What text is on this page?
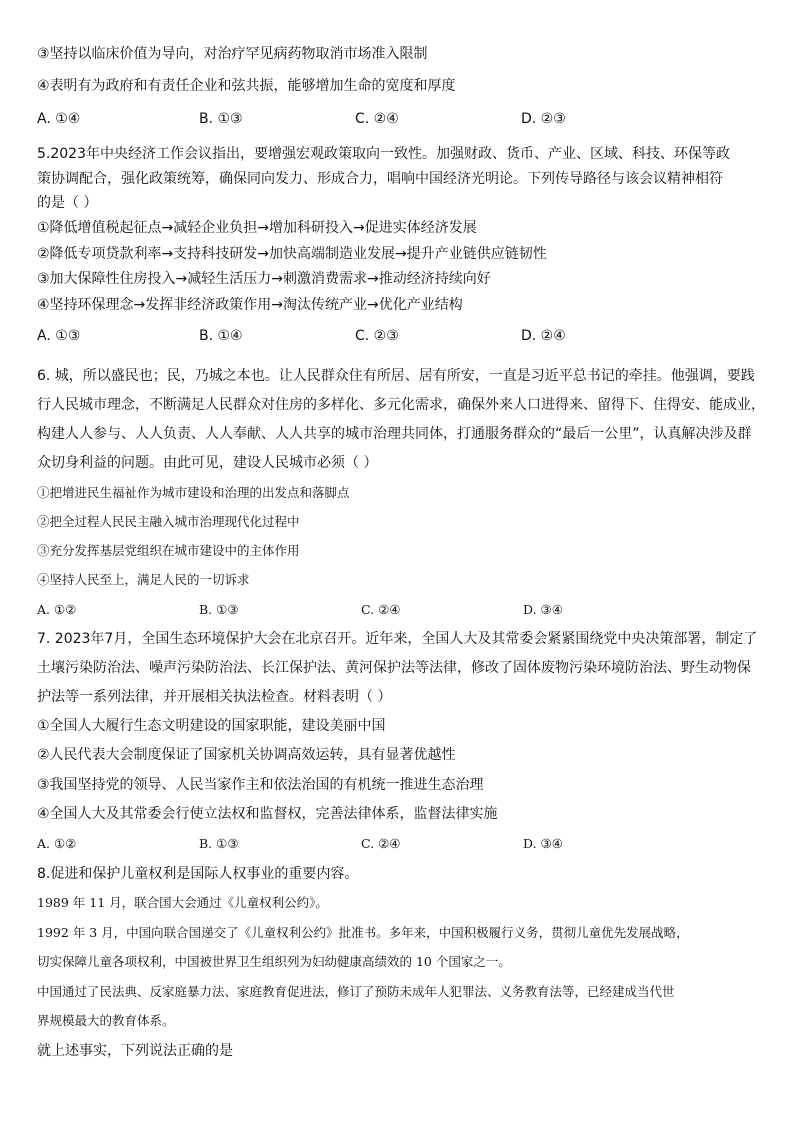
③坚持以临床价值为导向，对治疗罕见病药物取消市场准入限制
④表明有为政府和有责任企业和弦共振，能够增加生命的宽度和厚度
A. ①④	B. ①③	C. ②④	D. ②③
5.2023年中央经济工作会议指出，要增强宏观政策取向一致性。加强财政、货币、产业、区域、科技、环保等政
策协调配合，强化政策统筹，确保同向发力、形成合力，唱响中国经济光明论。下列传导路径与该会议精神相符
的是（ ）
①降低增值税起征点→减轻企业负担→增加科研投入→促进实体经济发展
②降低专项贷款利率→支持科技研发→加快高端制造业发展→提升产业链供应链韧性
③加大保障性住房投入→减轻生活压力→刺激消费需求→推动经济持续向好
④坚持环保理念→发挥非经济政策作用→淘汰传统产业→优化产业结构
A. ①③	B. ①④	C. ②③	D. ②④
6. 城，所以盛民也；民，乃城之本也。让人民群众住有所居、居有所安，一直是习近平总书记的牵挂。他强调，要践
行人民城市理念，不断满足人民群众对住房的多样化、多元化需求，确保外来人口进得来、留得下、住得安、能成业，
构建人人参与、人人负责、人人奉献、人人共享的城市治理共同体，打通服务群众的“最后一公里”，认真解决涉及群
众切身利益的问题。由此可见，建设人民城市必须（ ）
①把增进民生福祉作为城市建设和治理的出发点和落脚点
②把全过程人民民主融入城市治理现代化过程中
③充分发挥基层党组织在城市建设中的主体作用
④坚持人民至上，满足人民的一切诉求
A. ①②	B. ①③	C. ②④	D. ③④
7. 2023年7月，全国生态环境保护大会在北京召开。近年来，全国人大及其常委会紧紧围绕党中央决策部署，制定了
土壤污染防治法、噪声污染防治法、长江保护法、黄河保护法等法律，修改了固体废物污染环境防治法、野生动物保
护法等一系列法律，并开展相关执法检查。材料表明（ ）
①全国人大履行生态文明建设的国家职能，建设美丽中国
②人民代表大会制度保证了国家机关协调高效运转，具有显著优越性
③我国坚持党的领导、人民当家作主和依法治国的有机统一推进生态治理
④全国人大及其常委会行使立法权和监督权，完善法律体系，监督法律实施
A. ①②	B. ①③	C. ②④	D. ③④
8.促进和保护儿童权利是国际人权事业的重要内容。
1989 年 11 月，联合国大会通过《儿童权利公约》。
1992 年 3 月，中国向联合国递交了《儿童权利公约》批准书。多年来，中国积极履行义务，贯彻儿童优先发展战略，
切实保障儿童各项权利，中国被世界卫生组织列为妇幼健康高绩效的 10 个国家之一。
中国通过了民法典、反家庭暴力法、家庭教育促进法，修订了预防未成年人犯罪法、义务教育法等，已经建成当代世
界规模最大的教育体系。
就上述事实，下列说法正确的是
